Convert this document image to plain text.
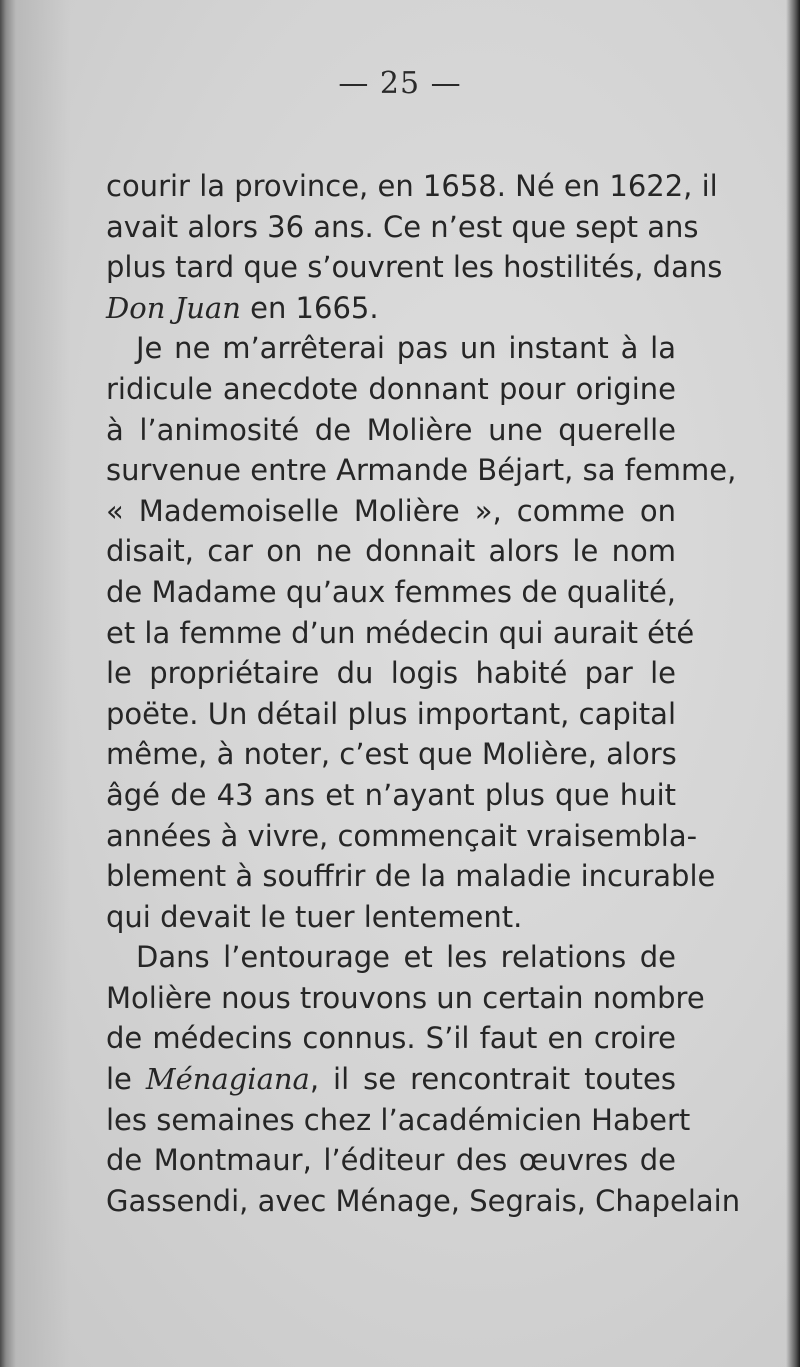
— 25 —
courir la province, en 1658. Né en 1622, il
avait alors 36 ans. Ce n’est que sept ans
plus tard que s’ouvrent les hostilités, dans
Don Juan en 1665.
Je ne m’arrêterai pas un instant à la
ridicule anecdote donnant pour origine
à l’animosité de Molière une querelle
survenue entre Armande Béjart, sa femme,
« Mademoiselle Molière », comme on
disait, car on ne donnait alors le nom
de Madame qu’aux femmes de qualité,
et la femme d’un médecin qui aurait été
le propriétaire du logis habité par le
poëte. Un détail plus important, capital
même, à noter, c’est que Molière, alors
âgé de 43 ans et n’ayant plus que huit
années à vivre, commençait vraisembla-
blement à souffrir de la maladie incurable
qui devait le tuer lentement.
Dans l’entourage et les relations de
Molière nous trouvons un certain nombre
de médecins connus. S’il faut en croire
le Ménagiana, il se rencontrait toutes
les semaines chez l’académicien Habert
de Montmaur, l’éditeur des œuvres de
Gassendi, avec Ménage, Segrais, Chapelain
